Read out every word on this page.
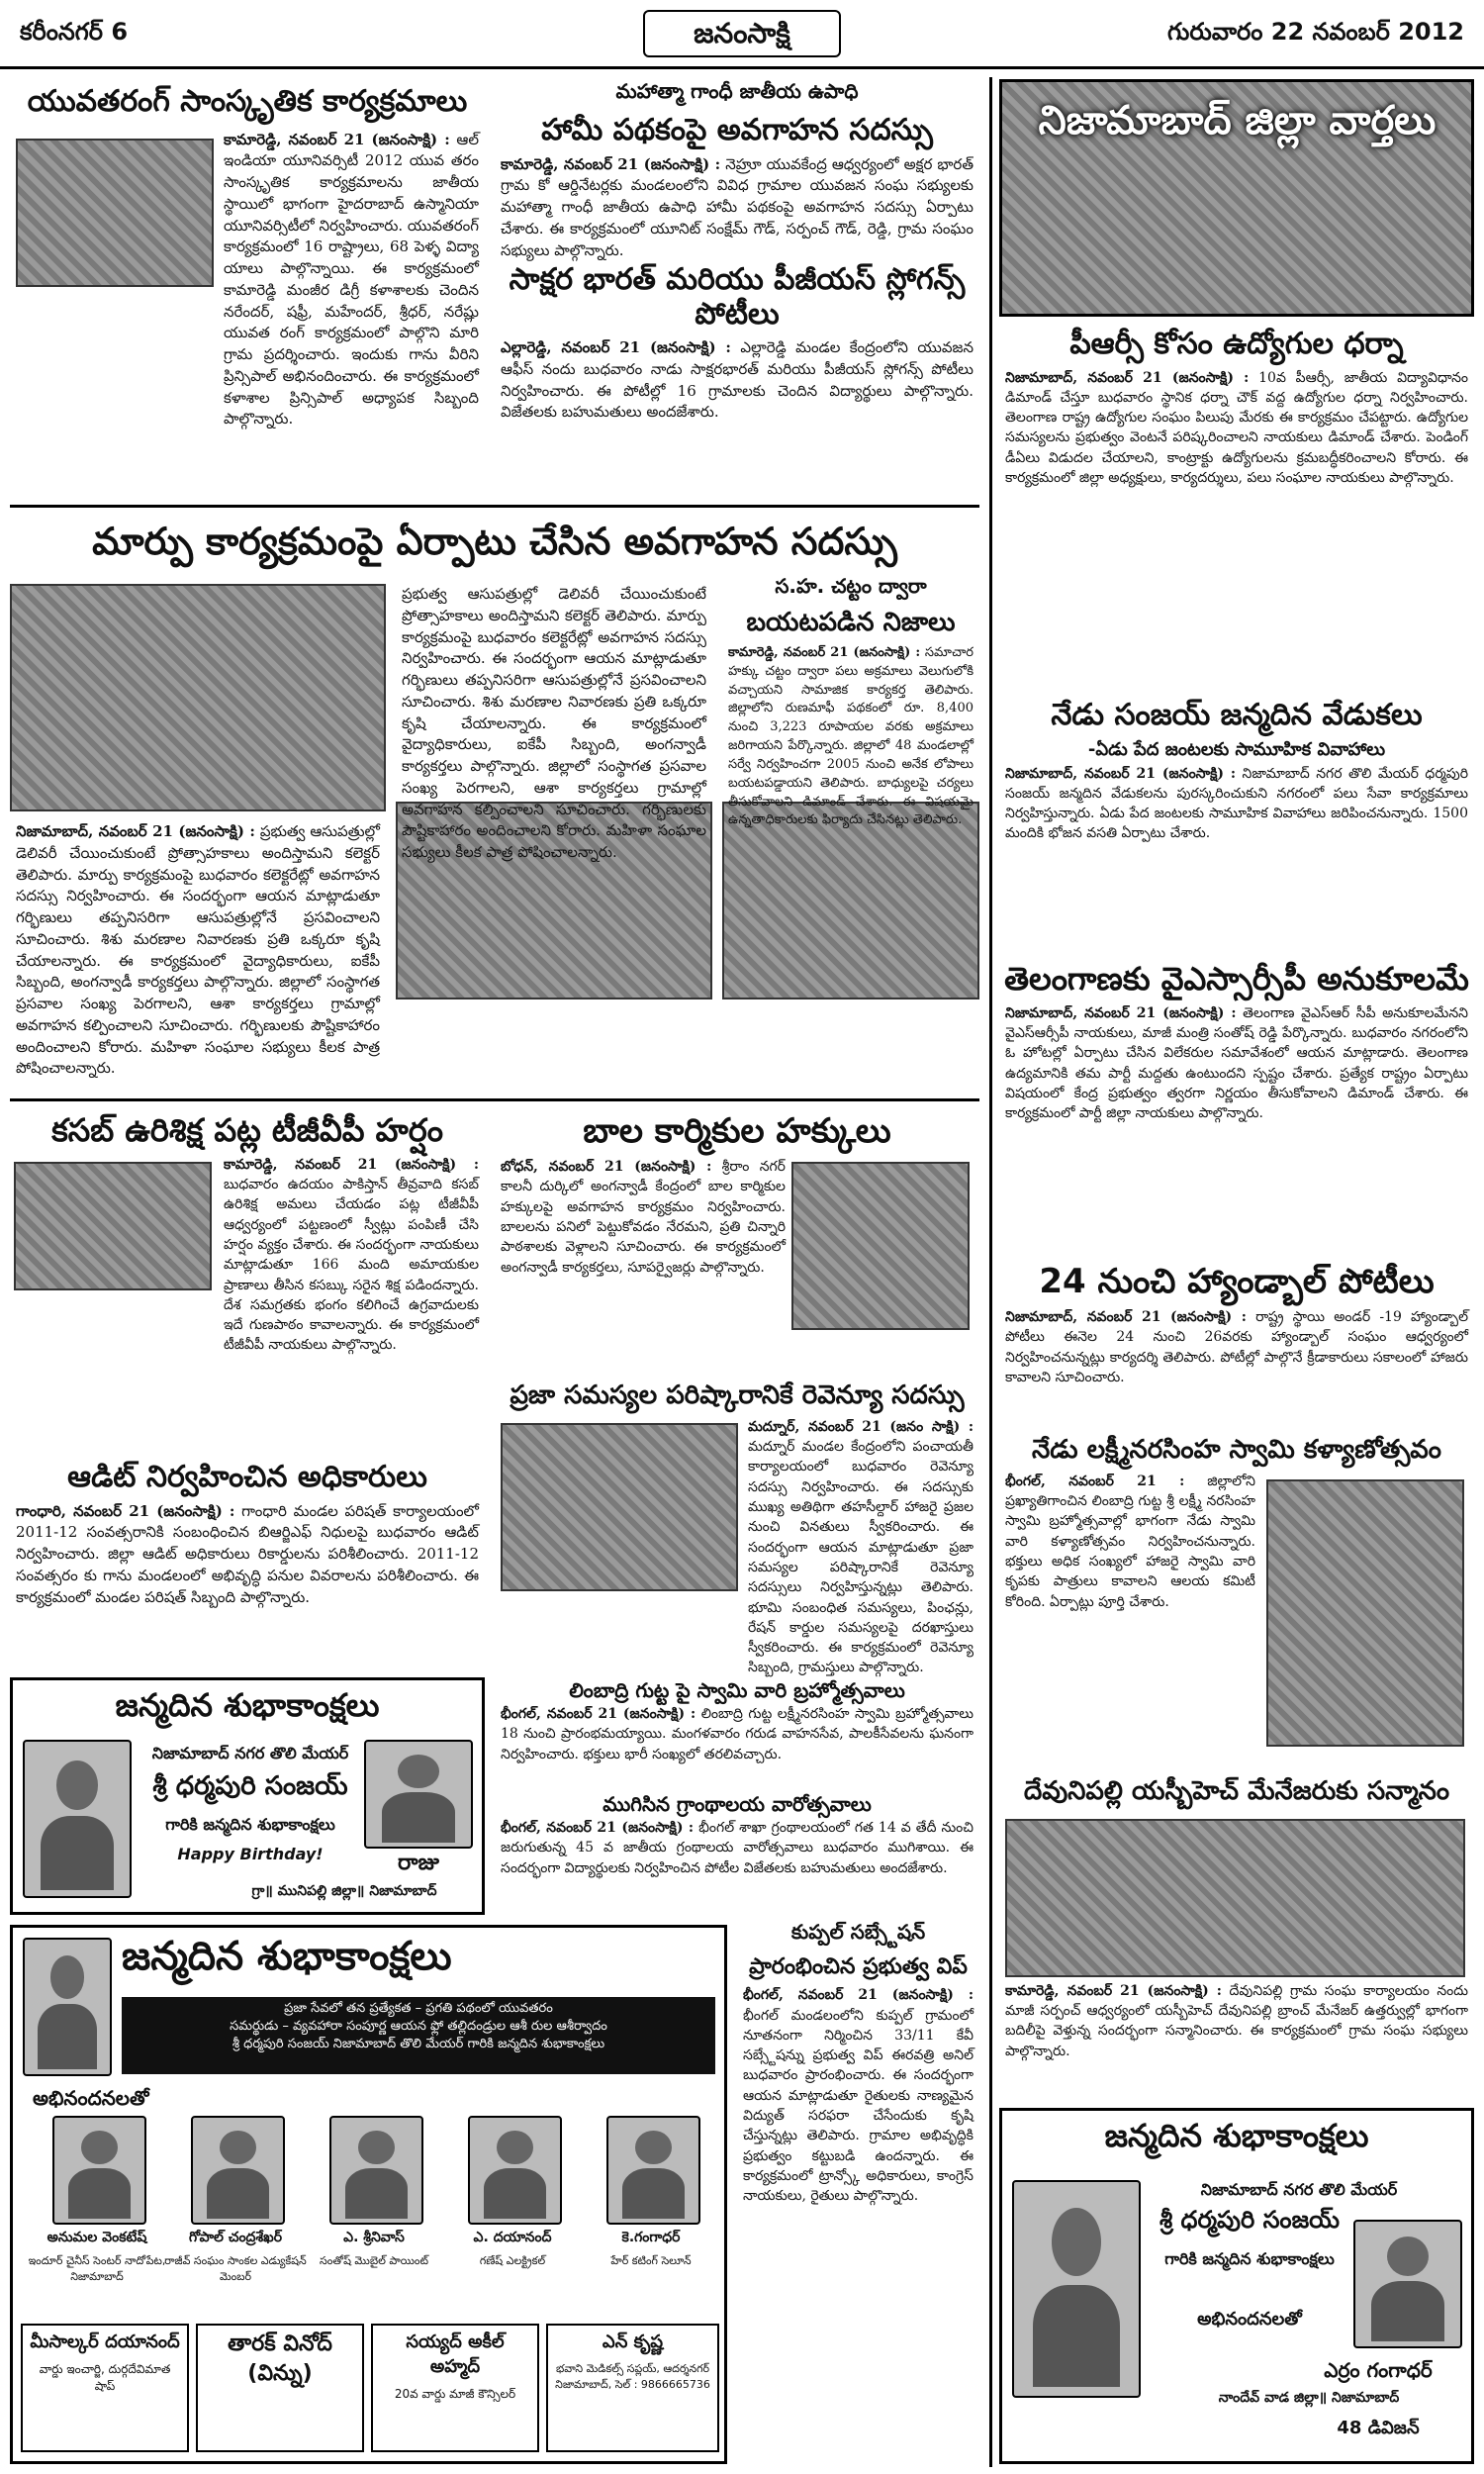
కరీంనగర్ 6	జనంసాక్షి	గురువారం 22 నవంబర్ 2012
యువతరంగ్ సాంస్కృతిక కార్యక్రమాలు
కామారెడ్డి, నవంబర్ 21 (జనంసాక్షి) : ఆల్ ఇండియా యూనివర్సిటీ 2012 యువ తరం సాంస్కృతిక కార్యక్రమాలను జాతీయ స్థాయిలో భాగంగా హైదరాబాద్ ఉస్మానియా యూనివర్సిటీలో నిర్వహించారు. యువతరంగ్ కార్యక్రమంలో 16 రాష్ట్రాలు, 68 పెళ్ళ విద్యా యాలు పాల్గొన్నాయి. ఈ కార్యక్రమంలో కామారెడ్డి మంజీర డిగ్రీ కళాశాలకు చెందిన నరేందర్, షఫ్రీ, మహేందర్, శ్రీధర్, నరేష్లు యువత రంగ్ కార్యక్రమంలో పాల్గొని మారి గ్రామ ప్రదర్శించారు. ఇందుకు గాను వీరిని ప్రిన్సిపాల్ అభినందించారు. ఈ కార్యక్రమంలో కళాశాల ప్రిన్సిపాల్ అధ్యాపక సిబ్బంది పాల్గొన్నారు.
మార్పు కార్యక్రమంపై ఏర్పాటు చేసిన అవగాహన సదస్సు
నిజామాబాద్, నవంబర్ 21 (జనంసాక్షి) : ప్రభుత్వ ఆసుపత్రుల్లో డెలివరీ చేయించుకుంటే ప్రోత్సాహకాలు అందిస్తామని కలెక్టర్ తెలిపారు. మార్పు కార్యక్రమంపై బుధవారం కలెక్టరేట్లో అవగాహన సదస్సు నిర్వహించారు. ఈ సందర్భంగా ఆయన మాట్లాడుతూ గర్భిణులు తప్పనిసరిగా ఆసుపత్రుల్లోనే ప్రసవించాలని సూచించారు. శిశు మరణాల నివారణకు ప్రతి ఒక్కరూ కృషి చేయాలన్నారు. ఈ కార్యక్రమంలో వైద్యాధికారులు, ఐకేపీ సిబ్బంది, అంగన్వాడీ కార్యకర్తలు పాల్గొన్నారు. జిల్లాలో సంస్థాగత ప్రసవాల సంఖ్య పెరగాలని, ఆశా కార్యకర్తలు గ్రామాల్లో అవగాహన కల్పించాలని సూచించారు. గర్భిణులకు పౌష్టికాహారం అందించాలని కోరారు. మహిళా సంఘాల సభ్యులు కీలక పాత్ర పోషించాలన్నారు.
ప్రభుత్వ ఆసుపత్రుల్లో డెలివరీ చేయించుకుంటే ప్రోత్సాహకాలు అందిస్తామని కలెక్టర్ తెలిపారు. మార్పు కార్యక్రమంపై బుధవారం కలెక్టరేట్లో అవగాహన సదస్సు నిర్వహించారు. ఈ సందర్భంగా ఆయన మాట్లాడుతూ గర్భిణులు తప్పనిసరిగా ఆసుపత్రుల్లోనే ప్రసవించాలని సూచించారు. శిశు మరణాల నివారణకు ప్రతి ఒక్కరూ కృషి చేయాలన్నారు. ఈ కార్యక్రమంలో వైద్యాధికారులు, ఐకేపీ సిబ్బంది, అంగన్వాడీ కార్యకర్తలు పాల్గొన్నారు. జిల్లాలో సంస్థాగత ప్రసవాల సంఖ్య పెరగాలని, ఆశా కార్యకర్తలు గ్రామాల్లో అవగాహన కల్పించాలని సూచించారు. గర్భిణులకు పౌష్టికాహారం అందించాలని కోరారు. మహిళా సంఘాల సభ్యులు కీలక పాత్ర పోషించాలన్నారు.
స.హ. చట్టం ద్వారా
బయటపడిన నిజాలు
కామారెడ్డి, నవంబర్ 21 (జనంసాక్షి) : సమాచార హక్కు చట్టం ద్వారా పలు అక్రమాలు వెలుగులోకి వచ్చాయని సామాజిక కార్యకర్త తెలిపారు. జిల్లాలోని రుణమాఫీ పథకంలో రూ. 8,400 నుంచి 3,223 రూపాయల వరకు అక్రమాలు జరిగాయని పేర్కొన్నారు. జిల్లాలో 48 మండలాల్లో సర్వే నిర్వహించగా 2005 నుంచి అనేక లోపాలు బయటపడ్డాయని తెలిపారు. బాధ్యులపై చర్యలు తీసుకోవాలని డిమాండ్ చేశారు. ఈ విషయమై ఉన్నతాధికారులకు ఫిర్యాదు చేసినట్లు తెలిపారు.
మహాత్మా గాంధీ జాతీయ ఉపాధి
హామీ పథకంపై అవగాహన సదస్సు
కామారెడ్డి, నవంబర్ 21 (జనంసాక్షి) : నెహ్రూ యువకేంద్ర ఆధ్వర్యంలో అక్షర భారత్ గ్రామ కో ఆర్డినేటర్లకు మండలంలోని వివిధ గ్రామాల యువజన సంఘ సభ్యులకు మహాత్మా గాంధీ జాతీయ ఉపాధి హామీ పథకంపై అవగాహన సదస్సు ఏర్పాటు చేశారు. ఈ కార్యక్రమంలో యూనిట్ సంక్షేమ్ గౌడ్, సర్పంచ్ గౌడ్, రెడ్డి, గ్రామ సంఘం సభ్యులు పాల్గొన్నారు.
సాక్షర భారత్ మరియు పీజీయస్ స్లోగన్స్ పోటీలు
ఎల్లారెడ్డి, నవంబర్ 21 (జనంసాక్షి) : ఎల్లారెడ్డి మండల కేంద్రంలోని యువజన ఆఫీస్ నందు బుధవారం నాడు సాక్షరభారత్ మరియు పీజీయస్ స్లోగన్స్ పోటీలు నిర్వహించారు. ఈ పోటీల్లో 16 గ్రామాలకు చెందిన విద్యార్థులు పాల్గొన్నారు. విజేతలకు బహుమతులు అందజేశారు.
కసబ్ ఉరిశిక్ష పట్ల టీజీవీపీ హర్షం
కామారెడ్డి, నవంబర్ 21 (జనంసాక్షి) : బుధవారం ఉదయం పాకిస్తాన్ తీవ్రవాది కసబ్ ఉరిశిక్ష అమలు చేయడం పట్ల టీజీవీపీ ఆధ్వర్యంలో పట్టణంలో స్వీట్లు పంపిణీ చేసి హర్షం వ్యక్తం చేశారు. ఈ సందర్భంగా నాయకులు మాట్లాడుతూ 166 మంది అమాయకుల ప్రాణాలు తీసిన కసబ్కు సరైన శిక్ష పడిందన్నారు. దేశ సమగ్రతకు భంగం కలిగించే ఉగ్రవాదులకు ఇదే గుణపాఠం కావాలన్నారు. ఈ కార్యక్రమంలో టీజీవీపీ నాయకులు పాల్గొన్నారు.
ఆడిట్ నిర్వహించిన అధికారులు
గాంధారి, నవంబర్ 21 (జనంసాక్షి) : గాంధారి మండల పరిషత్ కార్యాలయంలో 2011-12 సంవత్సరానికి సంబంధించిన బిఆర్జిఎఫ్ నిధులపై బుధవారం ఆడిట్ నిర్వహించారు. జిల్లా ఆడిట్ అధికారులు రికార్డులను పరిశీలించారు. 2011-12 సంవత్సరం కు గాను మండలంలో అభివృద్ధి పనుల వివరాలను పరిశీలించారు. ఈ కార్యక్రమంలో మండల పరిషత్ సిబ్బంది పాల్గొన్నారు.
జన్మదిన శుభాకాంక్షలు
నిజామాబాద్ నగర తొలి మేయర్
శ్రీ ధర్మపురి సంజయ్
గారికి జన్మదిన శుభాకాంక్షలు
Happy Birthday!	రాజు
గ్రా॥ మునిపల్లి జిల్లా॥ నిజామాబాద్
బాల కార్మికుల హక్కులు
బోధన్, నవంబర్ 21 (జనంసాక్షి) : శ్రీరాం నగర్ కాలనీ దుర్కిలో అంగన్వాడీ కేంద్రంలో బాల కార్మికుల హక్కులపై అవగాహన కార్యక్రమం నిర్వహించారు. బాలలను పనిలో పెట్టుకోవడం నేరమని, ప్రతి చిన్నారి పాఠశాలకు వెళ్లాలని సూచించారు. ఈ కార్యక్రమంలో అంగన్వాడీ కార్యకర్తలు, సూపర్వైజర్లు పాల్గొన్నారు.
ప్రజా సమస్యల పరిష్కారానికే రెవెన్యూ సదస్సు
మద్నూర్, నవంబర్ 21 (జనం సాక్షి) : మద్నూర్ మండల కేంద్రంలోని పంచాయతీ కార్యాలయంలో బుధవారం రెవెన్యూ సదస్సు నిర్వహించారు. ఈ సదస్సుకు ముఖ్య అతిథిగా తహసీల్దార్ హాజరై ప్రజల నుంచి వినతులు స్వీకరించారు. ఈ సందర్భంగా ఆయన మాట్లాడుతూ ప్రజా సమస్యల పరిష్కారానికే రెవెన్యూ సదస్సులు నిర్వహిస్తున్నట్లు తెలిపారు. భూమి సంబంధిత సమస్యలు, పింఛన్లు, రేషన్ కార్డుల సమస్యలపై దరఖాస్తులు స్వీకరించారు. ఈ కార్యక్రమంలో రెవెన్యూ సిబ్బంది, గ్రామస్తులు పాల్గొన్నారు.
లింబాద్రి గుట్ట పై స్వామి వారి బ్రహ్మోత్సవాలు
భీంగల్, నవంబర్ 21 (జనంసాక్షి) : లింబాద్రి గుట్ట లక్ష్మీనరసింహ స్వామి బ్రహ్మోత్సవాలు 18 నుంచి ప్రారంభమయ్యాయి. మంగళవారం గరుడ వాహనసేవ, పాలకీసేవలను ఘనంగా నిర్వహించారు. భక్తులు భారీ సంఖ్యలో తరలివచ్చారు.
ముగిసిన గ్రాంథాలయ వారోత్సవాలు
భీంగల్, నవంబర్ 21 (జనంసాక్షి) : భీంగల్ శాఖా గ్రంథాలయంలో గత 14 వ తేదీ నుంచి జరుగుతున్న 45 వ జాతీయ గ్రంథాలయ వారోత్సవాలు బుధవారం ముగిశాయి. ఈ సందర్భంగా విద్యార్థులకు నిర్వహించిన పోటీల విజేతలకు బహుమతులు అందజేశారు.
కుప్పల్ సబ్స్టేషన్
ప్రారంభించిన ప్రభుత్వ విప్
భీంగల్, నవంబర్ 21 (జనంసాక్షి) : భీంగల్ మండలంలోని కుప్పల్ గ్రామంలో నూతనంగా నిర్మించిన 33/11 కేవీ సబ్స్టేషన్ను ప్రభుత్వ విప్ ఈరవత్రి అనిల్ బుధవారం ప్రారంభించారు. ఈ సందర్భంగా ఆయన మాట్లాడుతూ రైతులకు నాణ్యమైన విద్యుత్ సరఫరా చేసేందుకు కృషి చేస్తున్నట్లు తెలిపారు. గ్రామాల అభివృద్ధికి ప్రభుత్వం కట్టుబడి ఉందన్నారు. ఈ కార్యక్రమంలో ట్రాన్స్కో అధికారులు, కాంగ్రెస్ నాయకులు, రైతులు పాల్గొన్నారు.
జన్మదిన శుభాకాంక్షలు
ప్రజా సేవలో తన ప్రత్యేకత – ప్రగతి పథంలో యువతరం
సమర్థుడు – వ్యవహారా సంపూర్ణ ఆయన ఫ్లో తల్లిదండ్రుల ఆశీ రుల ఆశీర్వాదం
శ్రీ ధర్మపురి సంజయ్ నిజామాబాద్ తొలి మేయర్ గారికి జన్మదిన శుభాకాంక్షలు
అభినందనలతో
అనుమల వెంకటేష్	గోపాల్ చంద్రశేఖర్	ఎ. శ్రీనివాస్	ఎ. దయానంద్	కె.గంగాధర్
ఇందూర్ చైనీస్ సెంటర్ నాదోపేట, నిజామాబాద్
రాజీవ్ సంఘం సాంకల ఎడ్యుకేషన్ మెంబర్
సంతోష్ మొబైల్ పాయింట్	గణేష్ ఎలక్ట్రికల్	హేర్ కటింగ్ సెలూన్
మీసాల్కర్ దయానంద్
వార్డు ఇంచార్జి, దుర్గదేవిమాత షాప్
తారక్ వినోద్ (విన్ను)
సయ్యద్ అకీల్ అహ్మద్
20వ వార్డు మాజీ కౌన్సిలర్
ఎన్ కృష్ణ
భవాని మెడికల్స్ సప్లయ్, ఆదర్శనగర్ నిజామాబాద్, సెల్ : 9866665736
నిజామాబాద్ జిల్లా వార్తలు
పీఆర్సీ కోసం ఉద్యోగుల ధర్నా
నిజామాబాద్, నవంబర్ 21 (జనంసాక్షి) : 10వ పీఆర్సీ, జాతీయ విద్యావిధానం డిమాండ్ చేస్తూ బుధవారం స్థానిక ధర్నా చౌక్ వద్ద ఉద్యోగుల ధర్నా నిర్వహించారు. తెలంగాణ రాష్ట్ర ఉద్యోగుల సంఘం పిలుపు మేరకు ఈ కార్యక్రమం చేపట్టారు. ఉద్యోగుల సమస్యలను ప్రభుత్వం వెంటనే పరిష్కరించాలని నాయకులు డిమాండ్ చేశారు. పెండింగ్ డీఏలు విడుదల చేయాలని, కాంట్రాక్టు ఉద్యోగులను క్రమబద్ధీకరించాలని కోరారు. ఈ కార్యక్రమంలో జిల్లా అధ్యక్షులు, కార్యదర్శులు, పలు సంఘాల నాయకులు పాల్గొన్నారు.
నేడు సంజయ్ జన్మదిన వేడుకలు
-ఏడు పేద జంటలకు సామూహిక వివాహాలు
నిజామాబాద్, నవంబర్ 21 (జనంసాక్షి) : నిజామాబాద్ నగర తొలి మేయర్ ధర్మపురి సంజయ్ జన్మదిన వేడుకలను పురస్కరించుకుని నగరంలో పలు సేవా కార్యక్రమాలు నిర్వహిస్తున్నారు. ఏడు పేద జంటలకు సామూహిక వివాహాలు జరిపించనున్నారు. 1500 మందికి భోజన వసతి ఏర్పాటు చేశారు.
తెలంగాణకు వైఎస్సార్సీపీ అనుకూలమే
నిజామాబాద్, నవంబర్ 21 (జనంసాక్షి) : తెలంగాణ వైఎస్ఆర్ సీపీ అనుకూలమేనని వైఎస్ఆర్సీపీ నాయకులు, మాజీ మంత్రి సంతోష్ రెడ్డి పేర్కొన్నారు. బుధవారం నగరంలోని ఓ హోటల్లో ఏర్పాటు చేసిన విలేకరుల సమావేశంలో ఆయన మాట్లాడారు. తెలంగాణ ఉద్యమానికి తమ పార్టీ మద్దతు ఉంటుందని స్పష్టం చేశారు. ప్రత్యేక రాష్ట్రం ఏర్పాటు విషయంలో కేంద్ర ప్రభుత్వం త్వరగా నిర్ణయం తీసుకోవాలని డిమాండ్ చేశారు. ఈ కార్యక్రమంలో పార్టీ జిల్లా నాయకులు పాల్గొన్నారు.
24 నుంచి హ్యాండ్బాల్ పోటీలు
నిజామాబాద్, నవంబర్ 21 (జనంసాక్షి) : రాష్ట్ర స్థాయి అండర్ -19 హ్యాండ్బాల్ పోటీలు ఈనెల 24 నుంచి 26వరకు హ్యాండ్బాల్ సంఘం ఆధ్వర్యంలో నిర్వహించనున్నట్లు కార్యదర్శి తెలిపారు. పోటీల్లో పాల్గొనే క్రీడాకారులు సకాలంలో హాజరు కావాలని సూచించారు.
నేడు లక్ష్మీనరసింహ స్వామి కళ్యాణోత్సవం
భీంగల్, నవంబర్ 21 : జిల్లాలోని ప్రఖ్యాతిగాంచిన లింబాద్రి గుట్ట శ్రీ లక్ష్మీ నరసింహ స్వామి బ్రహ్మోత్సవాల్లో భాగంగా నేడు స్వామి వారి కళ్యాణోత్సవం నిర్వహించనున్నారు. భక్తులు అధిక సంఖ్యలో హాజరై స్వామి వారి కృపకు పాత్రులు కావాలని ఆలయ కమిటీ కోరింది. ఏర్పాట్లు పూర్తి చేశారు.
దేవునిపల్లి యస్బీహెచ్ మేనేజరుకు సన్మానం
కామారెడ్డి, నవంబర్ 21 (జనంసాక్షి) : దేవునిపల్లి గ్రామ సంఘ కార్యాలయం నందు మాజీ సర్పంచ్ ఆధ్వర్యంలో యస్బీహెచ్ దేవునిపల్లి బ్రాంచ్ మేనేజర్ ఉత్తర్వుల్లో భాగంగా బదిలీపై వెళ్తున్న సందర్భంగా సన్మానించారు. ఈ కార్యక్రమంలో గ్రామ సంఘ సభ్యులు పాల్గొన్నారు.
జన్మదిన శుభాకాంక్షలు
నిజామాబాద్ నగర తొలి మేయర్
శ్రీ ధర్మపురి సంజయ్
గారికి జన్మదిన శుభాకాంక్షలు
అభినందనలతో
ఎర్రం గంగాధర్
నాందేవ్ వాడ జిల్లా॥ నిజామాబాద్
48 డివిజన్
